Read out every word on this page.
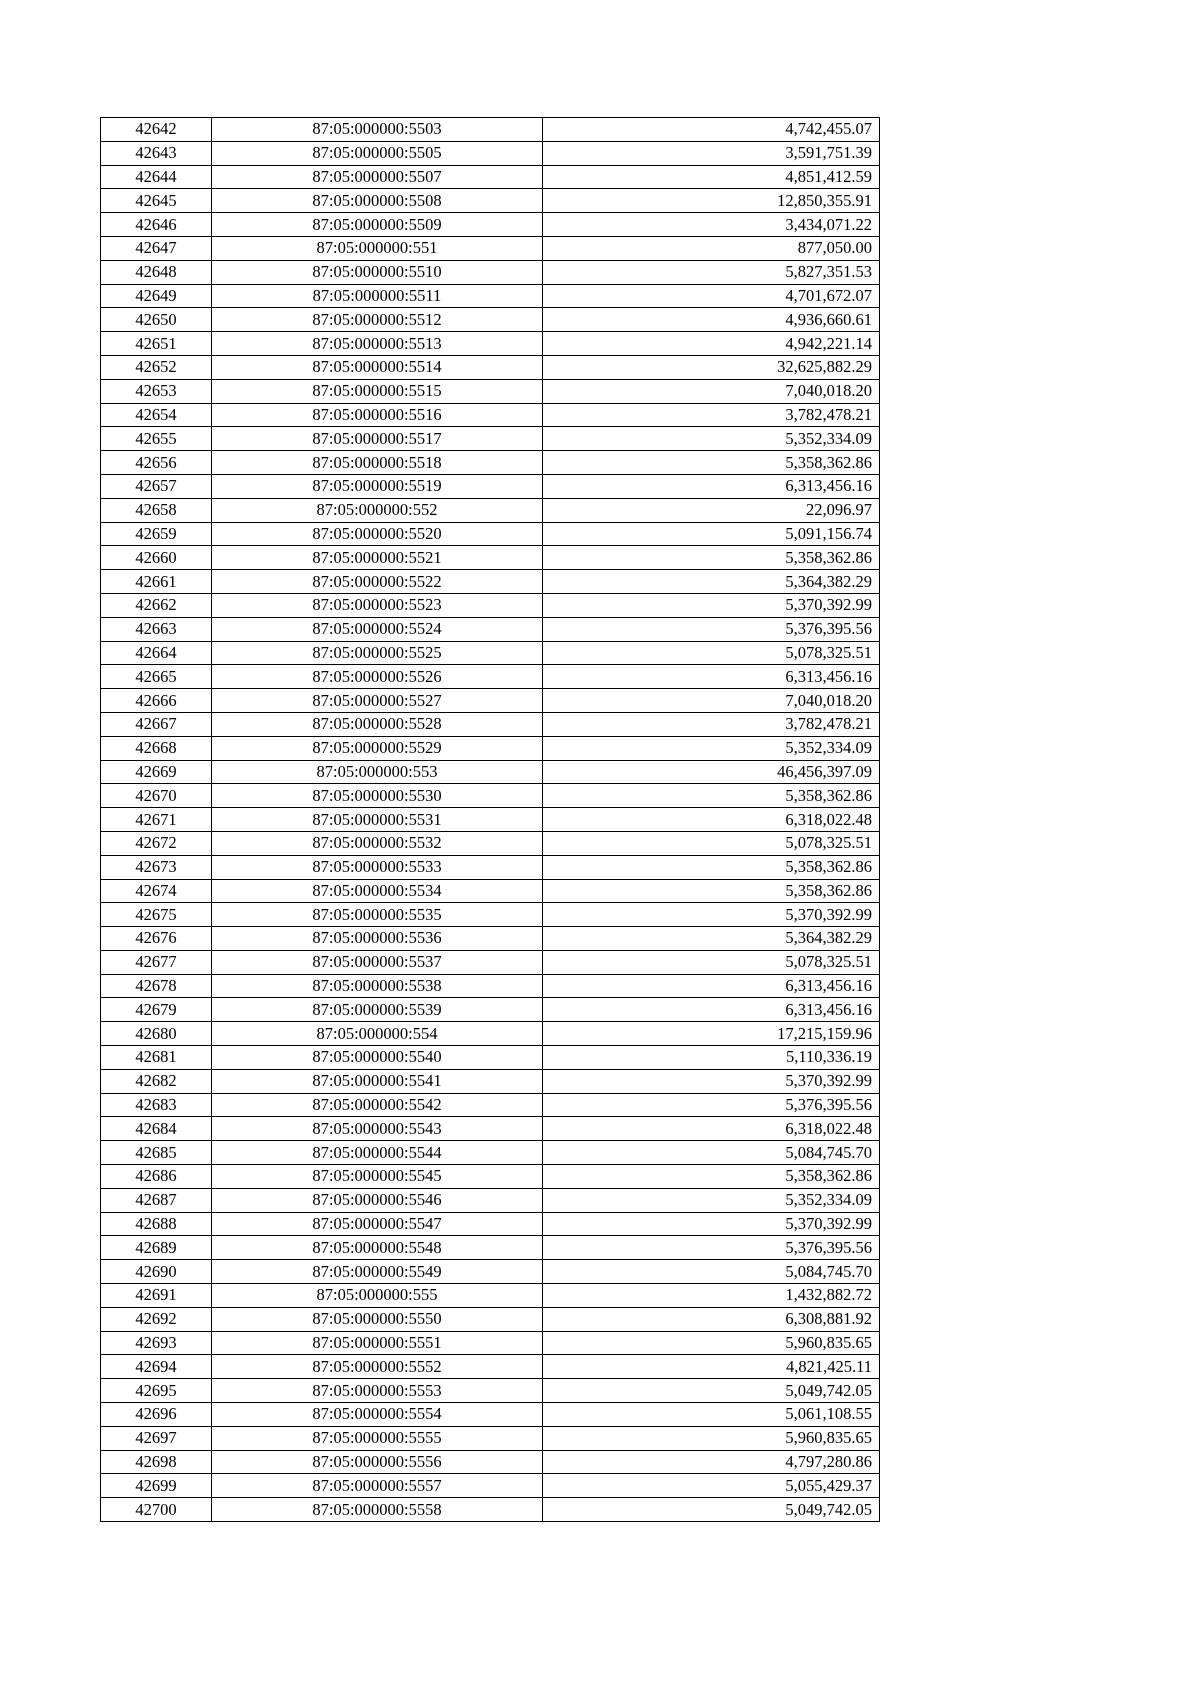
42642	87:05:000000:5503	4,742,455.07
42643	87:05:000000:5505	3,591,751.39
42644	87:05:000000:5507	4,851,412.59
42645	87:05:000000:5508	12,850,355.91
42646	87:05:000000:5509	3,434,071.22
42647	87:05:000000:551	877,050.00
42648	87:05:000000:5510	5,827,351.53
42649	87:05:000000:5511	4,701,672.07
42650	87:05:000000:5512	4,936,660.61
42651	87:05:000000:5513	4,942,221.14
42652	87:05:000000:5514	32,625,882.29
42653	87:05:000000:5515	7,040,018.20
42654	87:05:000000:5516	3,782,478.21
42655	87:05:000000:5517	5,352,334.09
42656	87:05:000000:5518	5,358,362.86
42657	87:05:000000:5519	6,313,456.16
42658	87:05:000000:552	22,096.97
42659	87:05:000000:5520	5,091,156.74
42660	87:05:000000:5521	5,358,362.86
42661	87:05:000000:5522	5,364,382.29
42662	87:05:000000:5523	5,370,392.99
42663	87:05:000000:5524	5,376,395.56
42664	87:05:000000:5525	5,078,325.51
42665	87:05:000000:5526	6,313,456.16
42666	87:05:000000:5527	7,040,018.20
42667	87:05:000000:5528	3,782,478.21
42668	87:05:000000:5529	5,352,334.09
42669	87:05:000000:553	46,456,397.09
42670	87:05:000000:5530	5,358,362.86
42671	87:05:000000:5531	6,318,022.48
42672	87:05:000000:5532	5,078,325.51
42673	87:05:000000:5533	5,358,362.86
42674	87:05:000000:5534	5,358,362.86
42675	87:05:000000:5535	5,370,392.99
42676	87:05:000000:5536	5,364,382.29
42677	87:05:000000:5537	5,078,325.51
42678	87:05:000000:5538	6,313,456.16
42679	87:05:000000:5539	6,313,456.16
42680	87:05:000000:554	17,215,159.96
42681	87:05:000000:5540	5,110,336.19
42682	87:05:000000:5541	5,370,392.99
42683	87:05:000000:5542	5,376,395.56
42684	87:05:000000:5543	6,318,022.48
42685	87:05:000000:5544	5,084,745.70
42686	87:05:000000:5545	5,358,362.86
42687	87:05:000000:5546	5,352,334.09
42688	87:05:000000:5547	5,370,392.99
42689	87:05:000000:5548	5,376,395.56
42690	87:05:000000:5549	5,084,745.70
42691	87:05:000000:555	1,432,882.72
42692	87:05:000000:5550	6,308,881.92
42693	87:05:000000:5551	5,960,835.65
42694	87:05:000000:5552	4,821,425.11
42695	87:05:000000:5553	5,049,742.05
42696	87:05:000000:5554	5,061,108.55
42697	87:05:000000:5555	5,960,835.65
42698	87:05:000000:5556	4,797,280.86
42699	87:05:000000:5557	5,055,429.37
42700	87:05:000000:5558	5,049,742.05
